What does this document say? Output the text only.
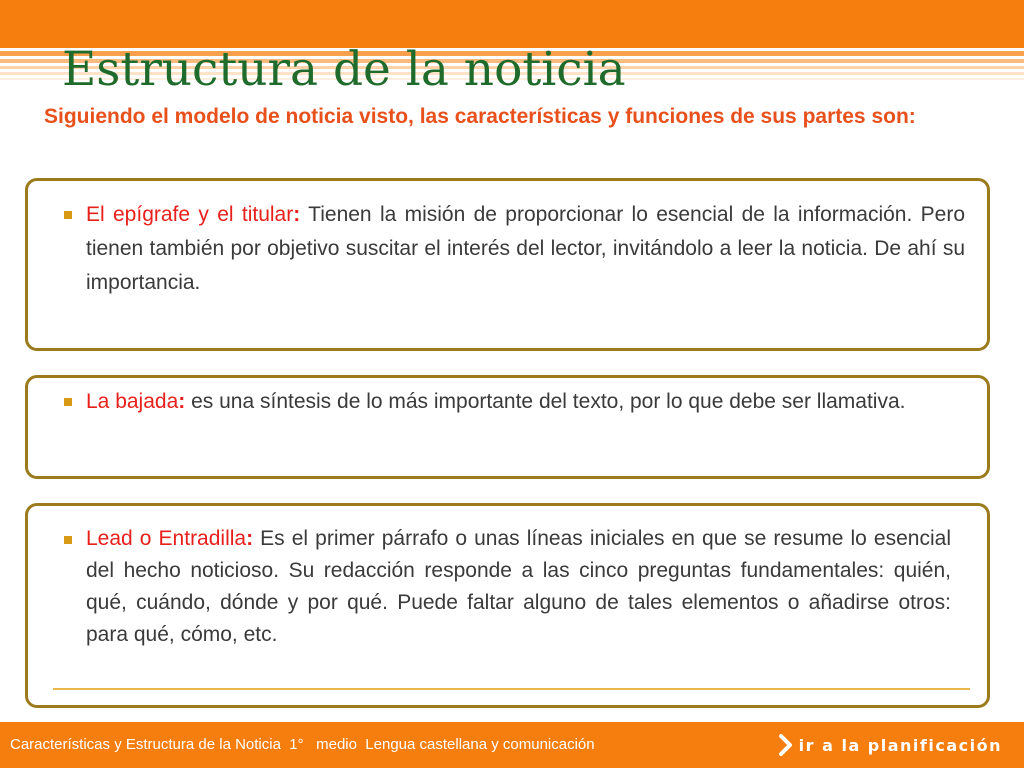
Estructura de la noticia

Siguiendo el modelo de noticia visto, las características y funciones de sus partes son:

El epígrafe y el titular: Tienen la misión de proporcionar lo esencial de la información. Pero tienen también por objetivo suscitar el interés del lector, invitándolo a leer la noticia. De ahí su importancia.
La bajada: es una síntesis de lo más importante del texto, por lo que debe ser llamativa.
Lead o Entradilla: Es el primer párrafo o unas líneas iniciales en que se resume lo esencial del hecho noticioso. Su redacción responde a las cinco preguntas fundamentales: quién, qué, cuándo, dónde y por qué. Puede faltar alguno de tales elementos o añadirse otros: para qué, cómo, etc.
Características y Estructura de la Noticia  1°   medio  Lengua castellana y comunicación	ir a la planificación
